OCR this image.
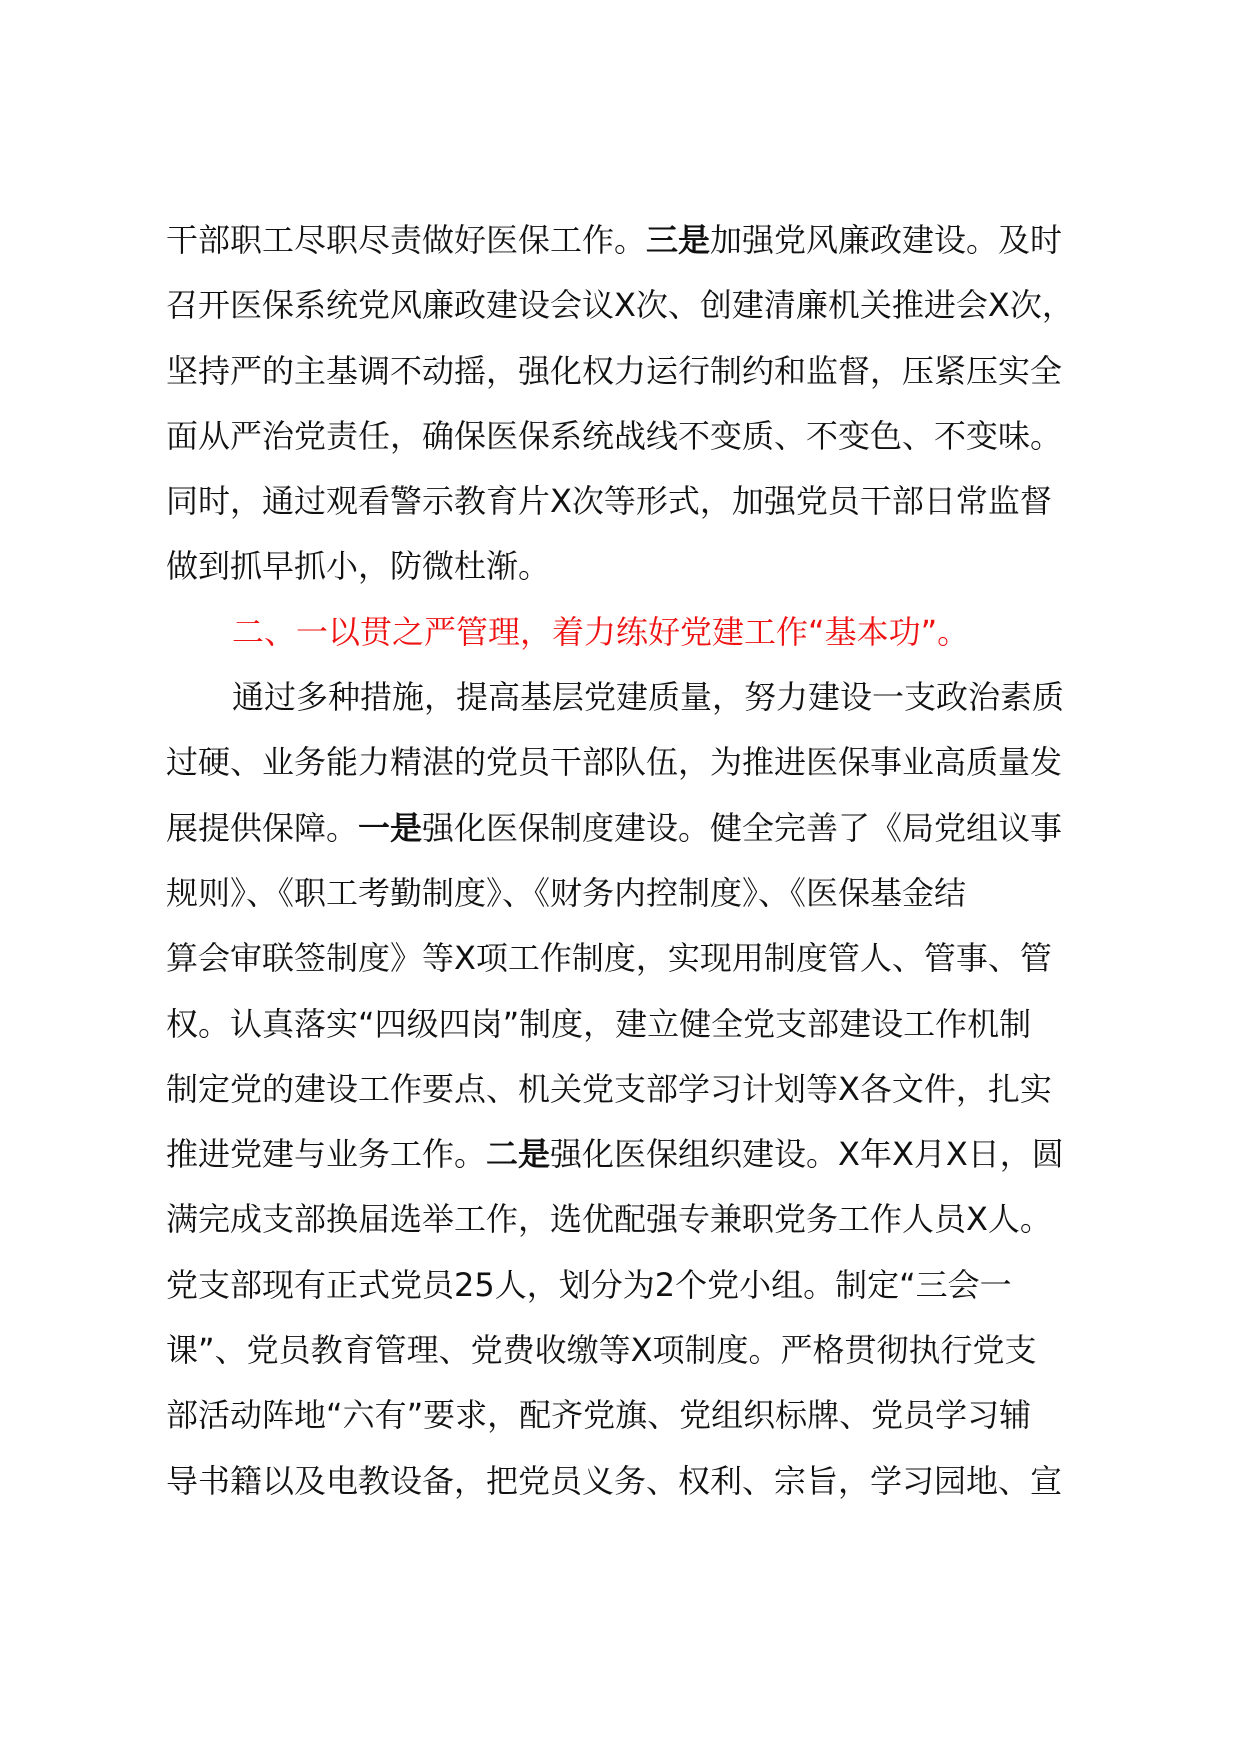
干部职工尽职尽责做好医保工作。三是加强党风廉政建设。及时
召开医保系统党风廉政建设会议X次、创建清廉机关推进会X次，
坚持严的主基调不动摇，强化权力运行制约和监督，压紧压实全
面从严治党责任，确保医保系统战线不变质、不变色、不变味。
同时，通过观看警示教育片X次等形式，加强党员干部日常监督
做到抓早抓小，防微杜渐。
二、一以贯之严管理，着力练好党建工作“基本功”。
通过多种措施，提高基层党建质量，努力建设一支政治素质
过硬、业务能力精湛的党员干部队伍，为推进医保事业高质量发
展提供保障。一是强化医保制度建设。健全完善了《局党组议事
规则》、《职工考勤制度》、《财务内控制度》、《医保基金结
算会审联签制度》等X项工作制度，实现用制度管人、管事、管
权。认真落实“四级四岗”制度，建立健全党支部建设工作机制
制定党的建设工作要点、机关党支部学习计划等X各文件，扎实
推进党建与业务工作。二是强化医保组织建设。X年X月X日，圆
满完成支部换届选举工作，选优配强专兼职党务工作人员X人。
党支部现有正式党员25人，划分为2个党小组。制定“三会一
课”、党员教育管理、党费收缴等X项制度。严格贯彻执行党支
部活动阵地“六有”要求，配齐党旗、党组织标牌、党员学习辅
导书籍以及电教设备，把党员义务、权利、宗旨，学习园地、宣
